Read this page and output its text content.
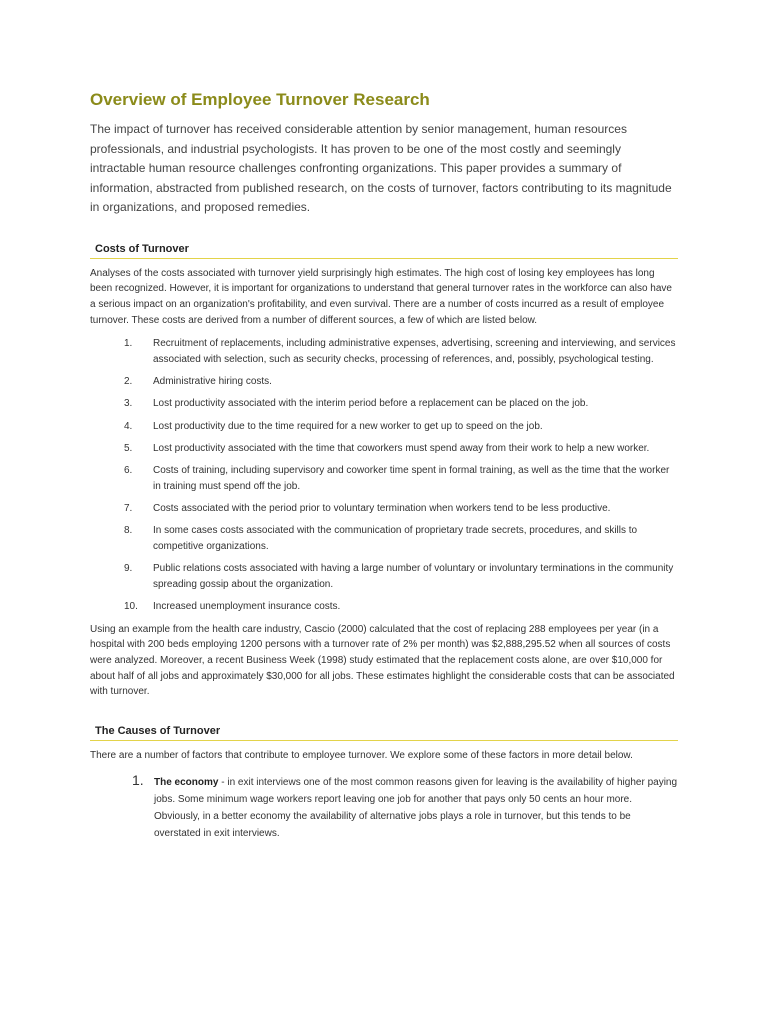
Overview of Employee Turnover Research

The impact of turnover has received considerable attention by senior management, human resources professionals, and industrial psychologists. It has proven to be one of the most costly and seemingly intractable human resource challenges confronting organizations. This paper provides a summary of information, abstracted from published research, on the costs of turnover, factors contributing to its magnitude in organizations, and proposed remedies.

Costs of Turnover

Analyses of the costs associated with turnover yield surprisingly high estimates. The high cost of losing key employees has long been recognized. However, it is important for organizations to understand that general turnover rates in the workforce can also have a serious impact on an organization's profitability, and even survival. There are a number of costs incurred as a result of employee turnover. These costs are derived from a number of different sources, a few of which are listed below.

1.	Recruitment of replacements, including administrative expenses, advertising, screening and interviewing, and services associated with selection, such as security checks, processing of references, and, possibly, psychological testing.
2.	Administrative hiring costs.
3.	Lost productivity associated with the interim period before a replacement can be placed on the job.
4.	Lost productivity due to the time required for a new worker to get up to speed on the job.
5.	Lost productivity associated with the time that coworkers must spend away from their work to help a new worker.
6.	Costs of training, including supervisory and coworker time spent in formal training, as well as the time that the worker in training must spend off the job.
7.	Costs associated with the period prior to voluntary termination when workers tend to be less productive.
8.	In some cases costs associated with the communication of proprietary trade secrets, procedures, and skills to competitive organizations.
9.	Public relations costs associated with having a large number of voluntary or involuntary terminations in the community spreading gossip about the organization.
10.	Increased unemployment insurance costs.

Using an example from the health care industry, Cascio (2000) calculated that the cost of replacing 288 employees per year (in a hospital with 200 beds employing 1200 persons with a turnover rate of 2% per month) was $2,888,295.52 when all sources of costs were analyzed. Moreover, a recent Business Week (1998) study estimated that the replacement costs alone, are over $10,000 for about half of all jobs and approximately $30,000 for all jobs. These estimates highlight the considerable costs that can be associated with turnover.

The Causes of Turnover

There are a number of factors that contribute to employee turnover. We explore some of these factors in more detail below.

1. The economy - in exit interviews one of the most common reasons given for leaving is the availability of higher paying jobs. Some minimum wage workers report leaving one job for another that pays only 50 cents an hour more. Obviously, in a better economy the availability of alternative jobs plays a role in turnover, but this tends to be overstated in exit interviews.
